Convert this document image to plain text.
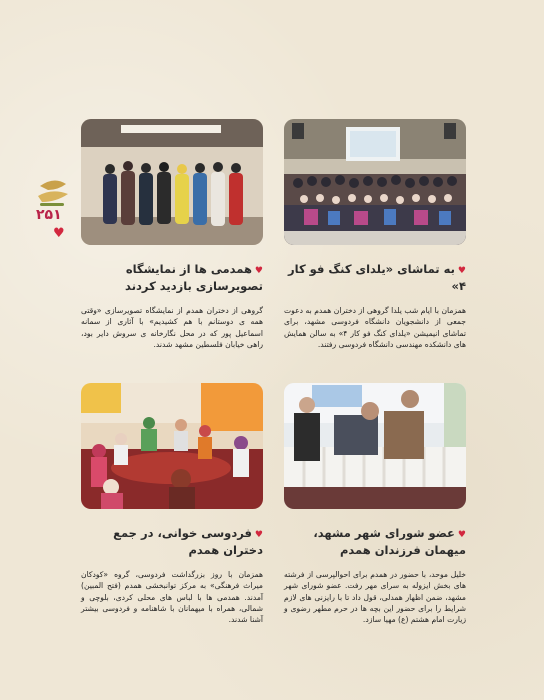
۲۵۱
♥
♥به تماشای «یلدای کنگ فو کار ۴»
همزمان با ایام شب یلدا گروهی از دختران همدم به دعوت جمعی از دانشجویان دانشگاه فردوسی مشهد، برای تماشای انیمیشن «یلدای کنگ فو کار ۴» به سالن همایش های دانشکده مهندسی دانشگاه فردوسی رفتند.
♥همدمی ها از نمایشگاه تصویرسازی بازدید کردند
گروهی از دختران همدم از نمایشگاه تصویرسازی «وقتی همه ی دوستانم با هم کشیدیم» با آثاری از سمانه اسماعیل پور که در محل نگارخانه ی سروش دایر بود، راهی خیابان فلسطین مشهد شدند.
♥عضو شورای شهر مشهد، میهمان فرزندان همدم
خلیل موحد، با حضور در همدم برای احوالپرسی از فرشته های بخش ایزوله به سرای مهر رفت. عضو شورای شهر مشهد، ضمن اظهار همدلی، قول داد تا با رایزنی های لازم شرایط را برای حضور این بچه ها در حرم مطهر رضوی و زیارت امام هشتم (ع) مهیا سازد.
♥فردوسی خوانی، در جمع دختران همدم
همزمان با روز بزرگداشت فردوسی، گروه «کودکان میراث فرهنگی» به مرکز توانبخشی همدم (فتح المبین) آمدند. همدمی ها با لباس های محلی کردی، بلوچی و شمالی، همراه با میهمانان با شاهنامه و فردوسی بیشتر آشنا شدند.
